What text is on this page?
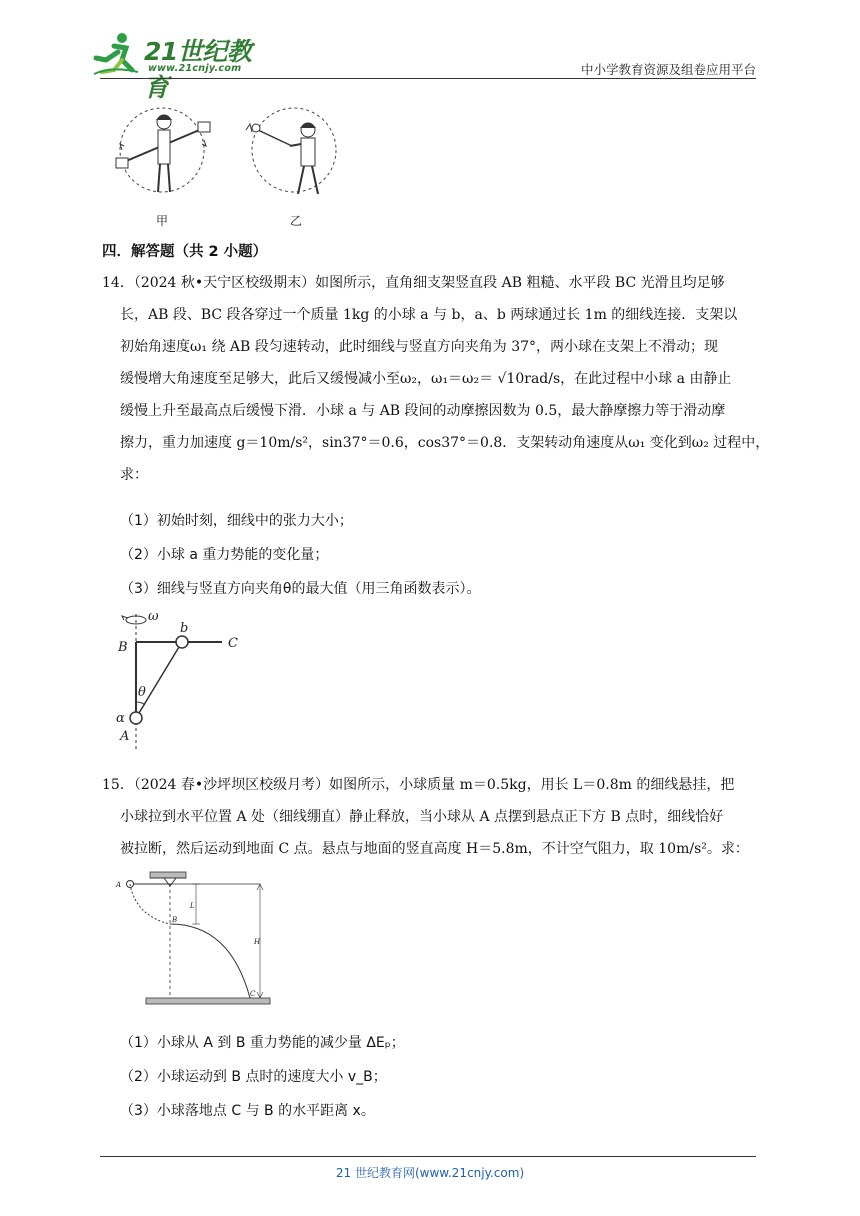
21世纪教育
www.21cnjy.com	中小学教育资源及组卷应用平台
甲	乙
四．解答题（共 2 小题）
14．（2024 秋•天宁区校级期末）如图所示，直角细支架竖直段 AB 粗糙、水平段 BC 光滑且均足够
长，AB 段、BC 段各穿过一个质量 1kg 的小球 a 与 b，a、b 两球通过长 1m 的细线连接．支架以
初始角速度ω₁ 绕 AB 段匀速转动，此时细线与竖直方向夹角为 37°，两小球在支架上不滑动；现
缓慢增大角速度至足够大，此后又缓慢减小至ω₂，ω₁＝ω₂＝ √10rad/s，在此过程中小球 a 由静止
缓慢上升至最高点后缓慢下滑．小球 a 与 AB 段间的动摩擦因数为 0.5，最大静摩擦力等于滑动摩
擦力，重力加速度 g＝10m/s²，sin37°＝0.6，cos37°＝0.8．支架转动角速度从ω₁ 变化到ω₂ 过程中，
求：
（1）初始时刻，细线中的张力大小；
（2）小球 a 重力势能的变化量；
（3）细线与竖直方向夹角θ的最大值（用三角函数表示）。
ω
b
C
B
θ
α
A
15．（2024 春•沙坪坝区校级月考）如图所示，小球质量 m＝0.5kg，用长 L＝0.8m 的细线悬挂，把
小球拉到水平位置 A 处（细线绷直）静止释放，当小球从 A 点摆到悬点正下方 B 点时，细线恰好
被拉断，然后运动到地面 C 点。悬点与地面的竖直高度 H＝5.8m，不计空气阻力，取 10m/s²。求：
（1）小球从 A 到 B 重力势能的减少量 ΔEₚ；
（2）小球运动到 B 点时的速度大小 v_B；
（3）小球落地点 C 与 B 的水平距离 x。
A
B
L
H
C
21 世纪教育网(www.21cnjy.com)
